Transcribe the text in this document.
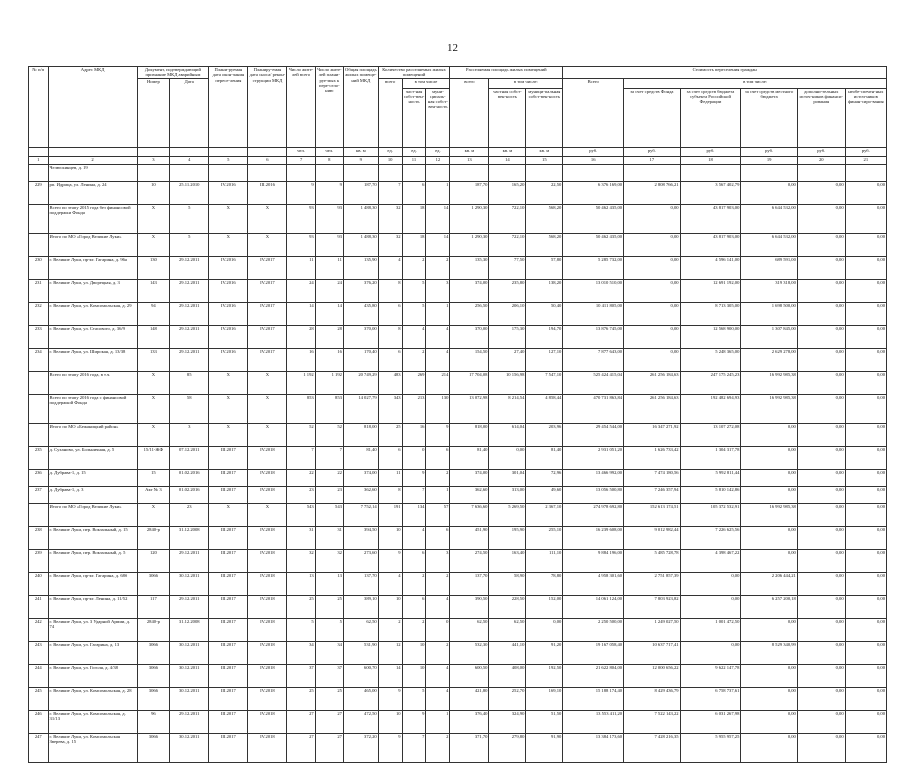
12
№ п/п	Адрес МКД	Документ, подтверждающий признание МКД аварийным		Плани-руемая дата окон-чания пересе-ления	Планиру-емая дата сноса/ рекон-струкции МКД	Число жите-лей всего	Число жите-лей плани-руе-мых к пере-село-нию	Общая площадь жилых помеще-ний МКД	Количество расселяемых жилых помещений			Расселяемая площадь жилых помещений			Стоимость переселения граждан					
		Номер	Дата						всего	в том числе		всего	в том числе:		Всего	в том числе:				
										част-ная собст-вен-ность	муни-ципаль-ная собст-вен-ность		частная собст-вен-ность	муници-пальная собст-вен-ность		за счет средств Фонда	за счет средств бюджета субъекта Российской Федерации	за счет средств местного бюджета	дополни-тельных источ-ников финанси-рования	необе-спечен-ных источ-ников финан-сиро-вания
						чел.	чел.	кв. м	ед.	ед.	ед.	кв. м	кв. м	кв. м	руб.	руб.	руб.	руб.	руб.	руб.
1	2	3	4	5	6	7	8	9	10	11	12	13	14	15	16	17	18	19	20	21
	Челюскинцев, д. 19																			
229	рп. Идрица, ул. Ленина, д. 24	10	25.11.2010	IV.2016	III.2016	9	9	187,70	7	6	1	187,70	165,20	22,50	6 376 169,00	2 808 766,21	3 567 402,79	0,00	0,00	0,00
	Всего по этапу 2015 года без финансовой поддержки Фонда	X	5	X	X	93	93	1 488,30	32	18	14	1 290,30	722,10	568,20	50 462 435,00	0,00	43 817 903,00	6 644 532,00	0,00	0,00
	Итого по МО «Город Великие Луки»	X	5	X	X	93	93	1 488,30	32	18	14	1 290,30	722,10	568,20	50 462 435,00	0,00	43 817 903,00	6 644 532,00	0,00	0,00
230	г. Великие Луки, пр-кт. Гагарина, д. 96a	130	29.12.2011	IV.2016	IV.2017	11	11	135,90	4	2	2	135,30	77,50	57,80	5 285 732,00	0,00	4 596 141,00	689 591,00	0,00	0,00
231	г. Великие Луки, ул. Дворецкая, д. 3	143	29.12.2011	IV.2016	IV.2017	24	24	376,20	8	5	3	374,00	235,80	138,20	13 010 510,00	0,00	12 691 192,00	319 318,00	0,00	0,00
232	г. Великие Луки, ул. Комсомольская, д. 29	94	29.12.2011	IV.2016	IV.2017	14	14	435,80	6	5	1	256,50	206,10	50,40	10 411 805,00	0,00	8 713 305,00	1 698 500,00	0,00	0,00
233	г. Великие Луки, ул. Стасового, д. 36/9	148	29.12.2011	IV.2016	IV.2017	28	28	370,00	8	4	4	370,00	175,30	194,70	13 876 745,00	0,00	12 568 900,00	1 307 845,00	0,00	0,00
234	г. Великие Луки, ул. Широкая, д. 13/38	133	29.12.2011	IV.2016	IV.2017	16	16	170,40	6	2	4	154,50	27,40	127,10	7 877 643,00	0,00	5 248 365,00	2 629 278,00	0,00	0,00
	Всего по этапу 2016 года, в т.ч.	X	85	X	X	1 192	1 192	20 749,29	483	269	214	17 704,08	10 156,98	7 547,10	525 424 415,04	261 256 184,63	247 175 245,23	16 992 985,38	0,00	0,00
	Всего по этапу 2016 года с финансовой поддержкой Фонда	X	58	X	X	853	853	14 027,79	343	213	130	13 072,98	8 214,54	4 858,44	470 731 863,84	261 256 184,63	192 482 694,93	16 992 985,38	0,00	0,00
	Итого по МО «Бежаницкий район»	X	3	X	X	52	52	818,00	25	16	9	818,00	614,04	203,96	29 454 544,00	16 347 271,92	13 107 272,08	0,00	0,00	0,00
235	д. Суханово, ул. Больничная, д. 5	15/11-ЖФ	07.12.2011	III.2017	IV.2018	7	7	81,40	6	0	6	81,40	0,00	81,40	2 931 051,20	1 626 733,42	1 304 317,78	0,00	0,00	0,00
236	д. Дубрава-1, д. 15	15	01.02.2016	III.2017	IV.2018	22	22	374,00	11	9	2	374,00	301,04	72,96	13 466 992,00	7 474 180,56	5 992 811,44	0,00	0,00	0,00
237	д. Дубрава-1, д. 3	Акт № 3	01.02.2016	III.2017	IV.2018	23	23	362,60	8	7	1	362,60	313,00	49,60	13 056 500,80	7 246 357,94	5 810 142,86	0,00	0,00	0,00
	Итого по МО «Город Великие Луки»	X	23	X	X	543	543	7 752,14	191	134	57	7 636,60	5 269,50	2 367,10	274 978 692,80	152 613 174,51	105 372 532,91	16 992 985,38	0,00	0,00
238	г. Великие Луки, пер. Вокзальный, д. 15	2840-р	31.12.2008	III.2017	IV.2018	31	31	394,50	10	4	6	451,90	195,90	255,10	16 239 608,00	9 012 982,44	7 226 625,56	0,00	0,00	0,00
239	г. Великие Луки, пер. Вокзальный, д. 5	120	29.12.2011	III.2017	IV.2018	32	32	273,60	9	6	3	274,50	163,40	111,10	9 884 196,00	5 485 728,78	4 398 467,22	0,00	0,00	0,00
240	г. Великие Луки, пр-кт. Гагарина, д. 68б	3066	30.12.2011	III.2017	IV.2018	13	13	137,70	4	2	2	137,70	58,90	78,80	4 958 301,60	2 751 857,39	0,00	2 206 444,21	0,00	0,00
241	г. Великие Луки, пр-кт. Ленина, д. 11/52	117	29.12.2011	III.2017	IV.2018	25	25	389,10	10	6	4	390,50	228,50	152,00	14 061 124,00	7 803 923,82	0,00	6 257 200,18	0,00	0,00
242	г. Великие Луки, ул. 3 Ударной Армии, д. 74	2840-р	31.12.2008	III.2017	IV.2018	5	5	62,50	2	2	0	62,50	62,50	0,00	2 250 500,00	1 249 027,50	1 001 472,50	0,00	0,00	0,00
243	г. Великие Луки, ул. Гагарина, д. 13	3066	30.12.2011	III.2017	IV.2018	34	34	531,90	12	10	2	532,30	441,10	91,20	19 167 058,40	10 637 717,41	0,00	8 529 340,99	0,00	0,00
244	г. Великие Луки, ул. Гоголя, д. 4/38	3066	30.12.2011	III.2017	IV.2018	37	37	600,70	14	10	4	600,50	408,00	192,50	21 622 804,00	12 000 656,22	9 622 147,78	0,00	0,00	0,00
245	г. Великие Луки, ул. Комсомольская, д. 28	3066	30.12.2011	III.2017	IV.2018	25	25	465,00	9	5	4	421,80	252,70	169,10	15 188 174,40	8 429 436,79	6 758 737,61	0,00	0,00	0,00
246	г. Великие Луки, ул. Комсомольская, д. 31/13	96	29.12.2011	III.2017	IV.2018	27	27	472,50	10	9	1	376,40	324,90	51,50	13 553 411,20	7 522 143,22	6 031 267,98	0,00	0,00	0,00
247	г. Великие Луки, ул. Комсомольская Зверева, д. 15	3066	30.12.2011	III.2017	IV.2018	27	27	372,20	9	7	2	371,70	279,80	91,90	13 384 173,60	7 428 216,35	5 955 957,25	0,00	0,00	0,00
